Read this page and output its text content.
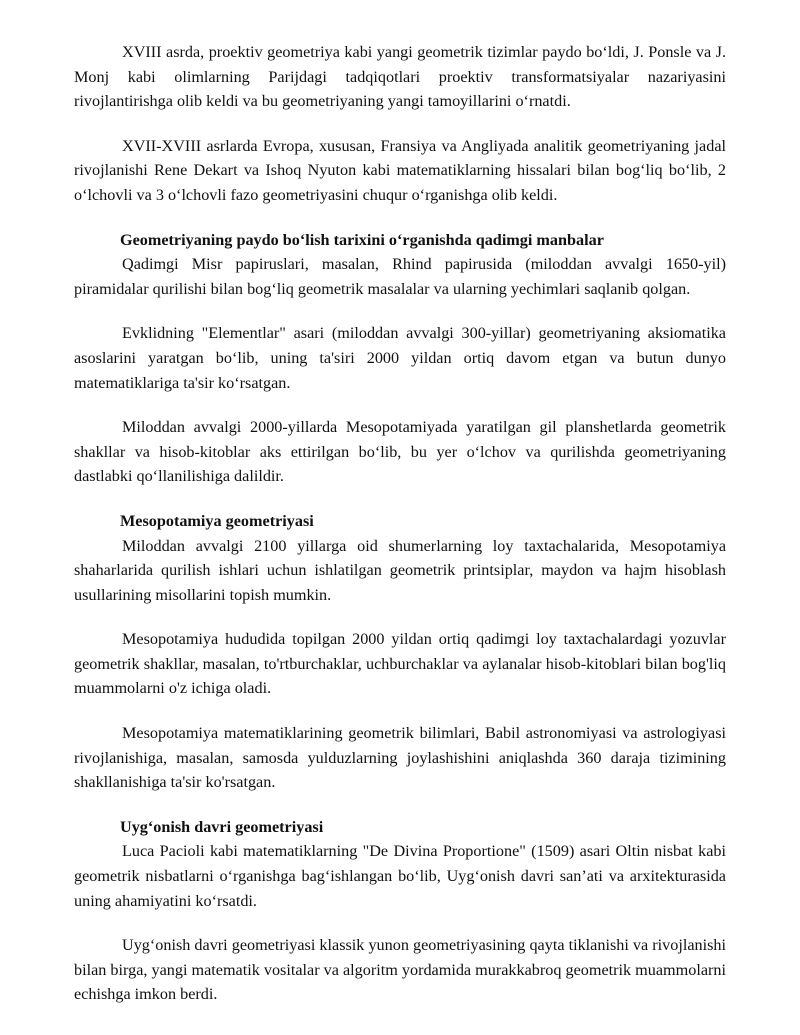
XVIII asrda, proektiv geometriya kabi yangi geometrik tizimlar paydo bo‘ldi, J. Ponsle va J. Monj kabi olimlarning Parijdagi tadqiqotlari proektiv transformatsiyalar nazariyasini rivojlantirishga olib keldi va bu geometriyaning yangi tamoyillarini o‘rnatdi.

XVII-XVIII asrlarda Evropa, xususan, Fransiya va Angliyada analitik geometriyaning jadal rivojlanishi Rene Dekart va Ishoq Nyuton kabi matematiklarning hissalari bilan bog‘liq bo‘lib, 2 o‘lchovli va 3 o‘lchovli fazo geometriyasini chuqur o‘rganishga olib keldi.

Geometriyaning paydo bo‘lish tarixini o‘rganishda qadimgi manbalar

Qadimgi Misr papiruslari, masalan, Rhind papirusida (miloddan avvalgi 1650-yil) piramidalar qurilishi bilan bog‘liq geometrik masalalar va ularning yechimlari saqlanib qolgan.

Evklidning "Elementlar" asari (miloddan avvalgi 300-yillar) geometriyaning aksiomatika asoslarini yaratgan bo‘lib, uning ta'siri 2000 yildan ortiq davom etgan va butun dunyo matematiklariga ta'sir ko‘rsatgan.

Miloddan avvalgi 2000-yillarda Mesopotamiyada yaratilgan gil planshetlarda geometrik shakllar va hisob-kitoblar aks ettirilgan bo‘lib, bu yer o‘lchov va qurilishda geometriyaning dastlabki qo‘llanilishiga dalildir.

Mesopotamiya geometriyasi

Miloddan avvalgi 2100 yillarga oid shumerlarning loy taxtachalarida, Mesopotamiya shaharlarida qurilish ishlari uchun ishlatilgan geometrik printsiplar, maydon va hajm hisoblash usullarining misollarini topish mumkin.

Mesopotamiya hududida topilgan 2000 yildan ortiq qadimgi loy taxtachalardagi yozuvlar geometrik shakllar, masalan, to'rtburchaklar, uchburchaklar va aylanalar hisob-kitoblari bilan bog'liq muammolarni o'z ichiga oladi.

Mesopotamiya matematiklarining geometrik bilimlari, Babil astronomiyasi va astrologiyasi rivojlanishiga, masalan, samosda yulduzlarning joylashishini aniqlashda 360 daraja tizimining shakllanishiga ta'sir ko'rsatgan.

Uyg‘onish davri geometriyasi

Luca Pacioli kabi matematiklarning "De Divina Proportione" (1509) asari Oltin nisbat kabi geometrik nisbatlarni o‘rganishga bag‘ishlangan bo‘lib, Uyg‘onish davri san’ati va arxitekturasida uning ahamiyatini ko‘rsatdi.

Uyg‘onish davri geometriyasi klassik yunon geometriyasining qayta tiklanishi va rivojlanishi bilan birga, yangi matematik vositalar va algoritm yordamida murakkabroq geometrik muammolarni echishga imkon berdi.
